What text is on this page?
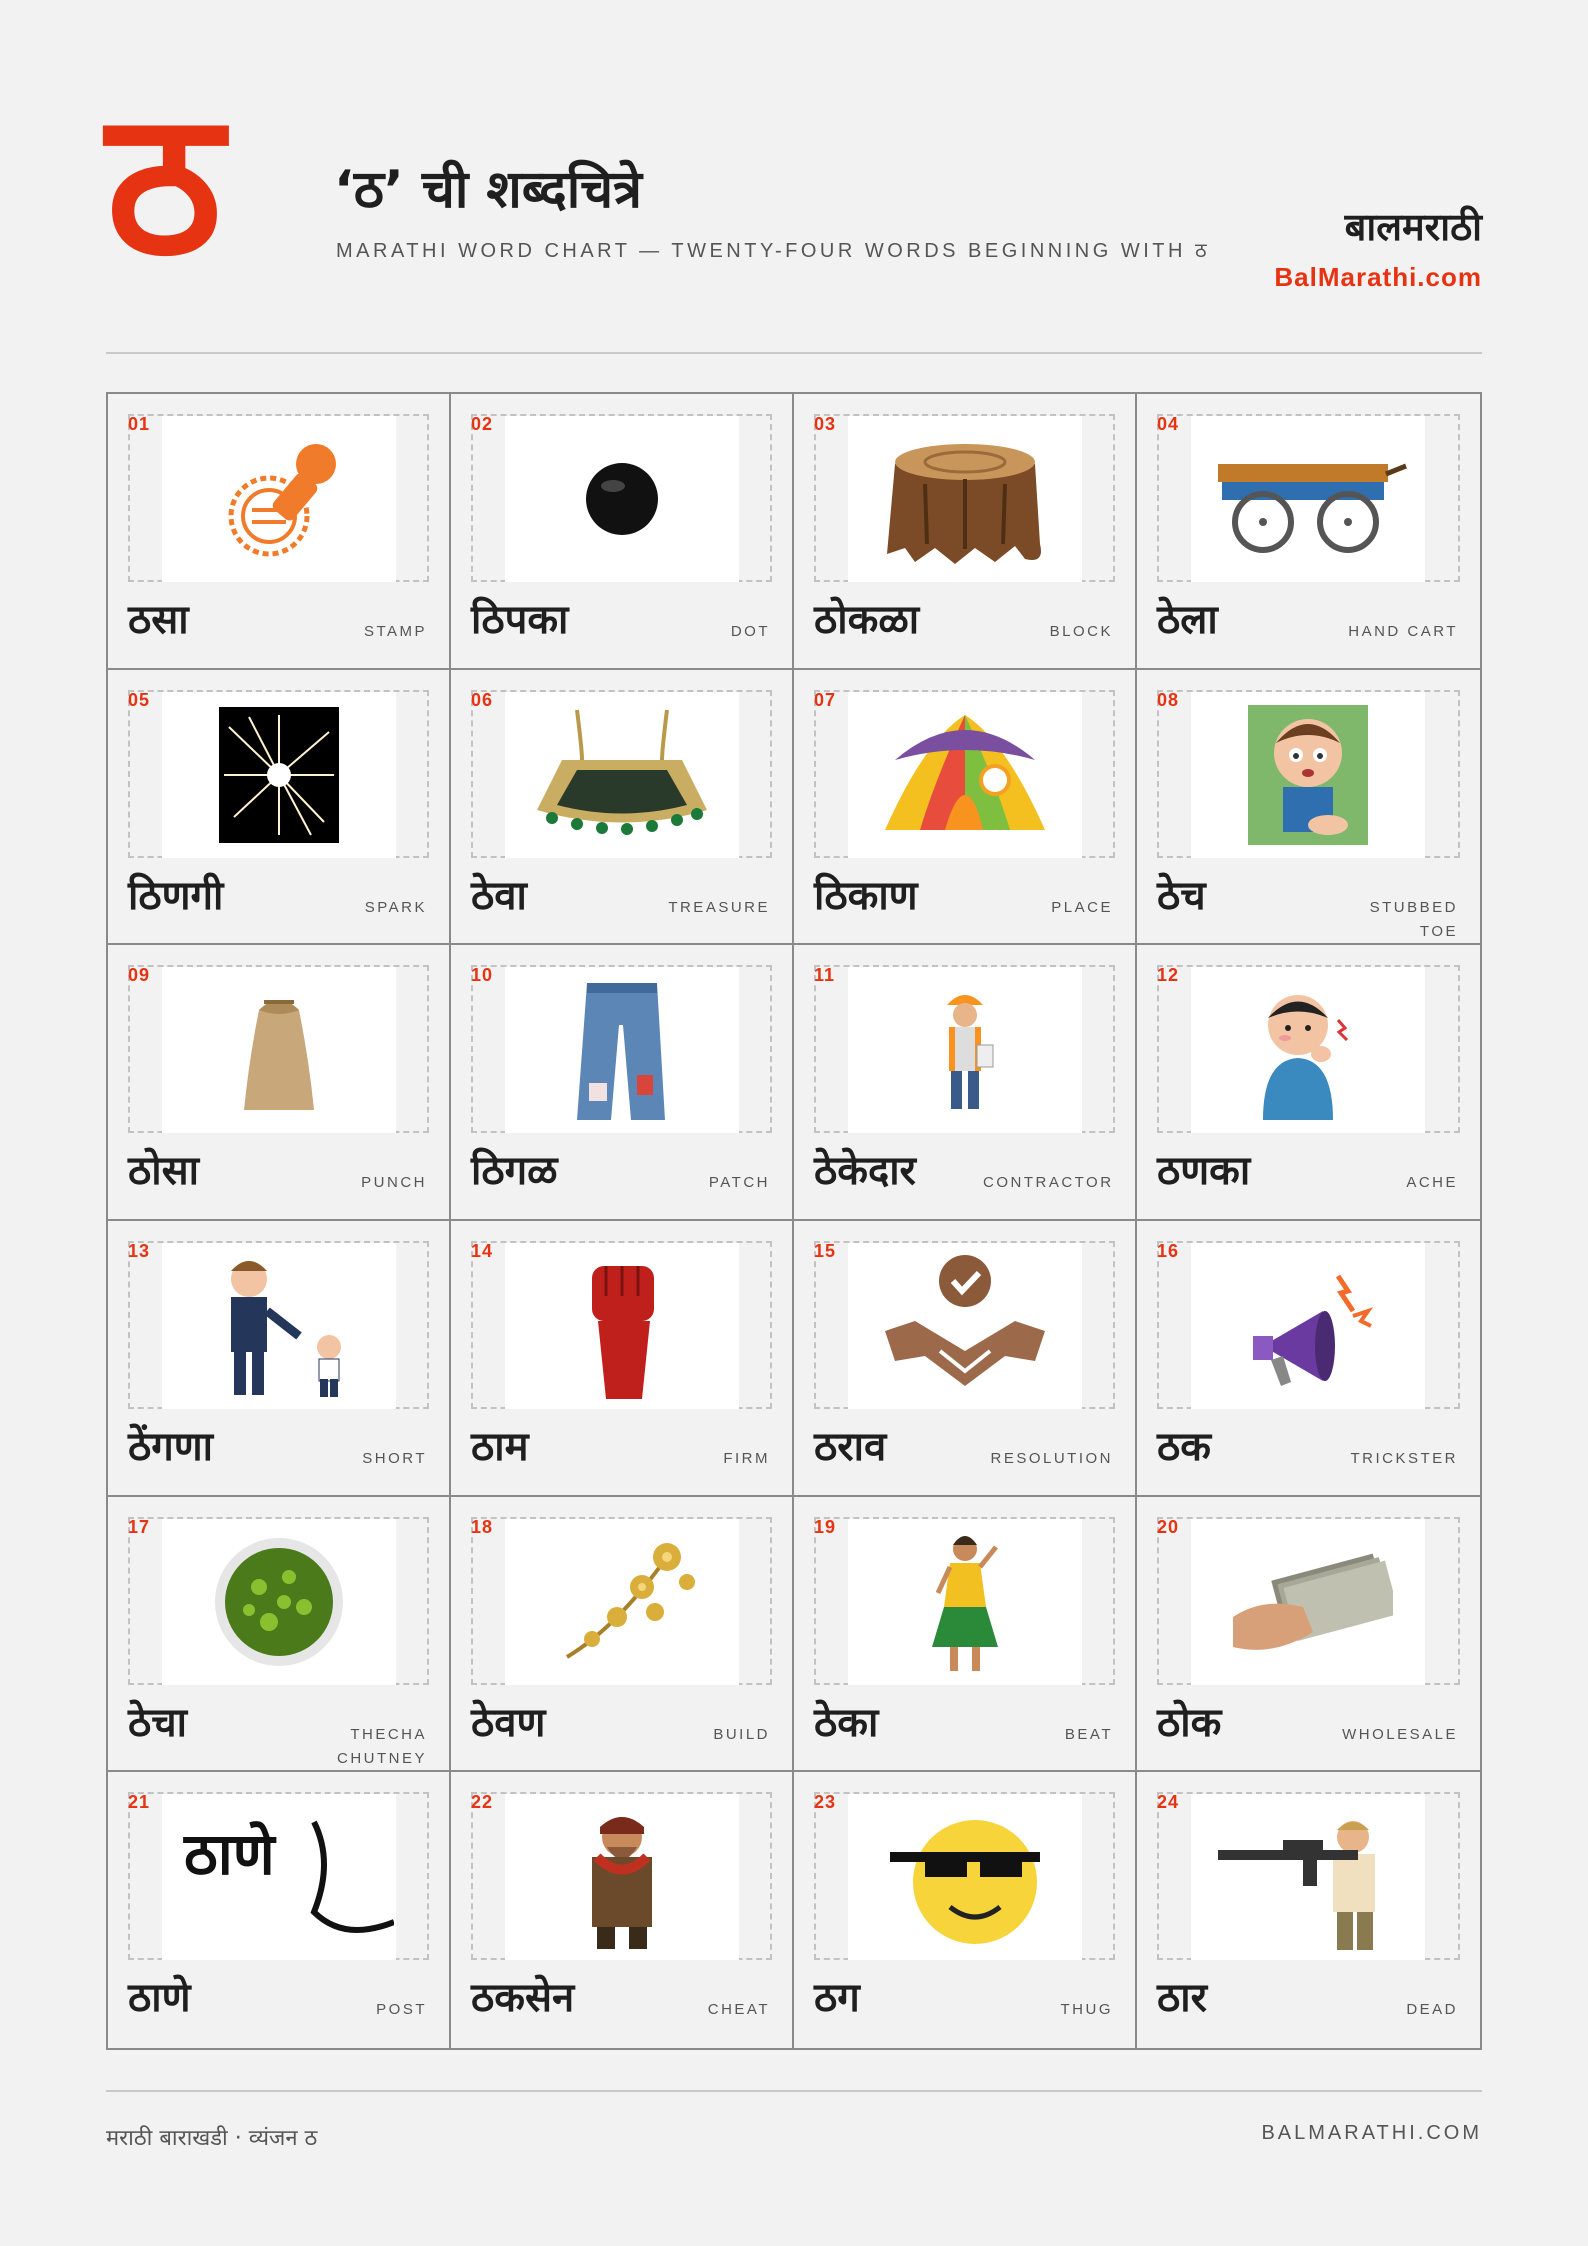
ठ	‘ठ’ ची शब्दचित्रे
MARATHI WORD CHART — TWENTY-FOUR WORDS BEGINNING WITH ठ
बालमराठी
BalMarathi.com
01
ठसा	STAMP
02
ठिपका	DOT
03
ठोकळा	BLOCK
04
ठेला	HAND CART
05
ठिणगी	SPARK
06
ठेवा	TREASURE
07
ठिकाण	PLACE
08
ठेच	STUBBED TOE
09
ठोसा	PUNCH
10
ठिगळ	PATCH
11
ठेकेदार	CONTRACTOR
12
ठणका	ACHE
13
ठेंगणा	SHORT
14
ठाम	FIRM
15
ठराव	RESOLUTION
16
ठक	TRICKSTER
17
ठेचा	THECHA CHUTNEY
18
ठेवण	BUILD
19
ठेका	BEAT
20
ठोक	WHOLESALE
ठाणे
21
ठाणे	POST
22
ठकसेन	CHEAT
23
ठग	THUG
24
ठार	DEAD
मराठी बाराखडी · व्यंजन ठ	BALMARATHI.COM
